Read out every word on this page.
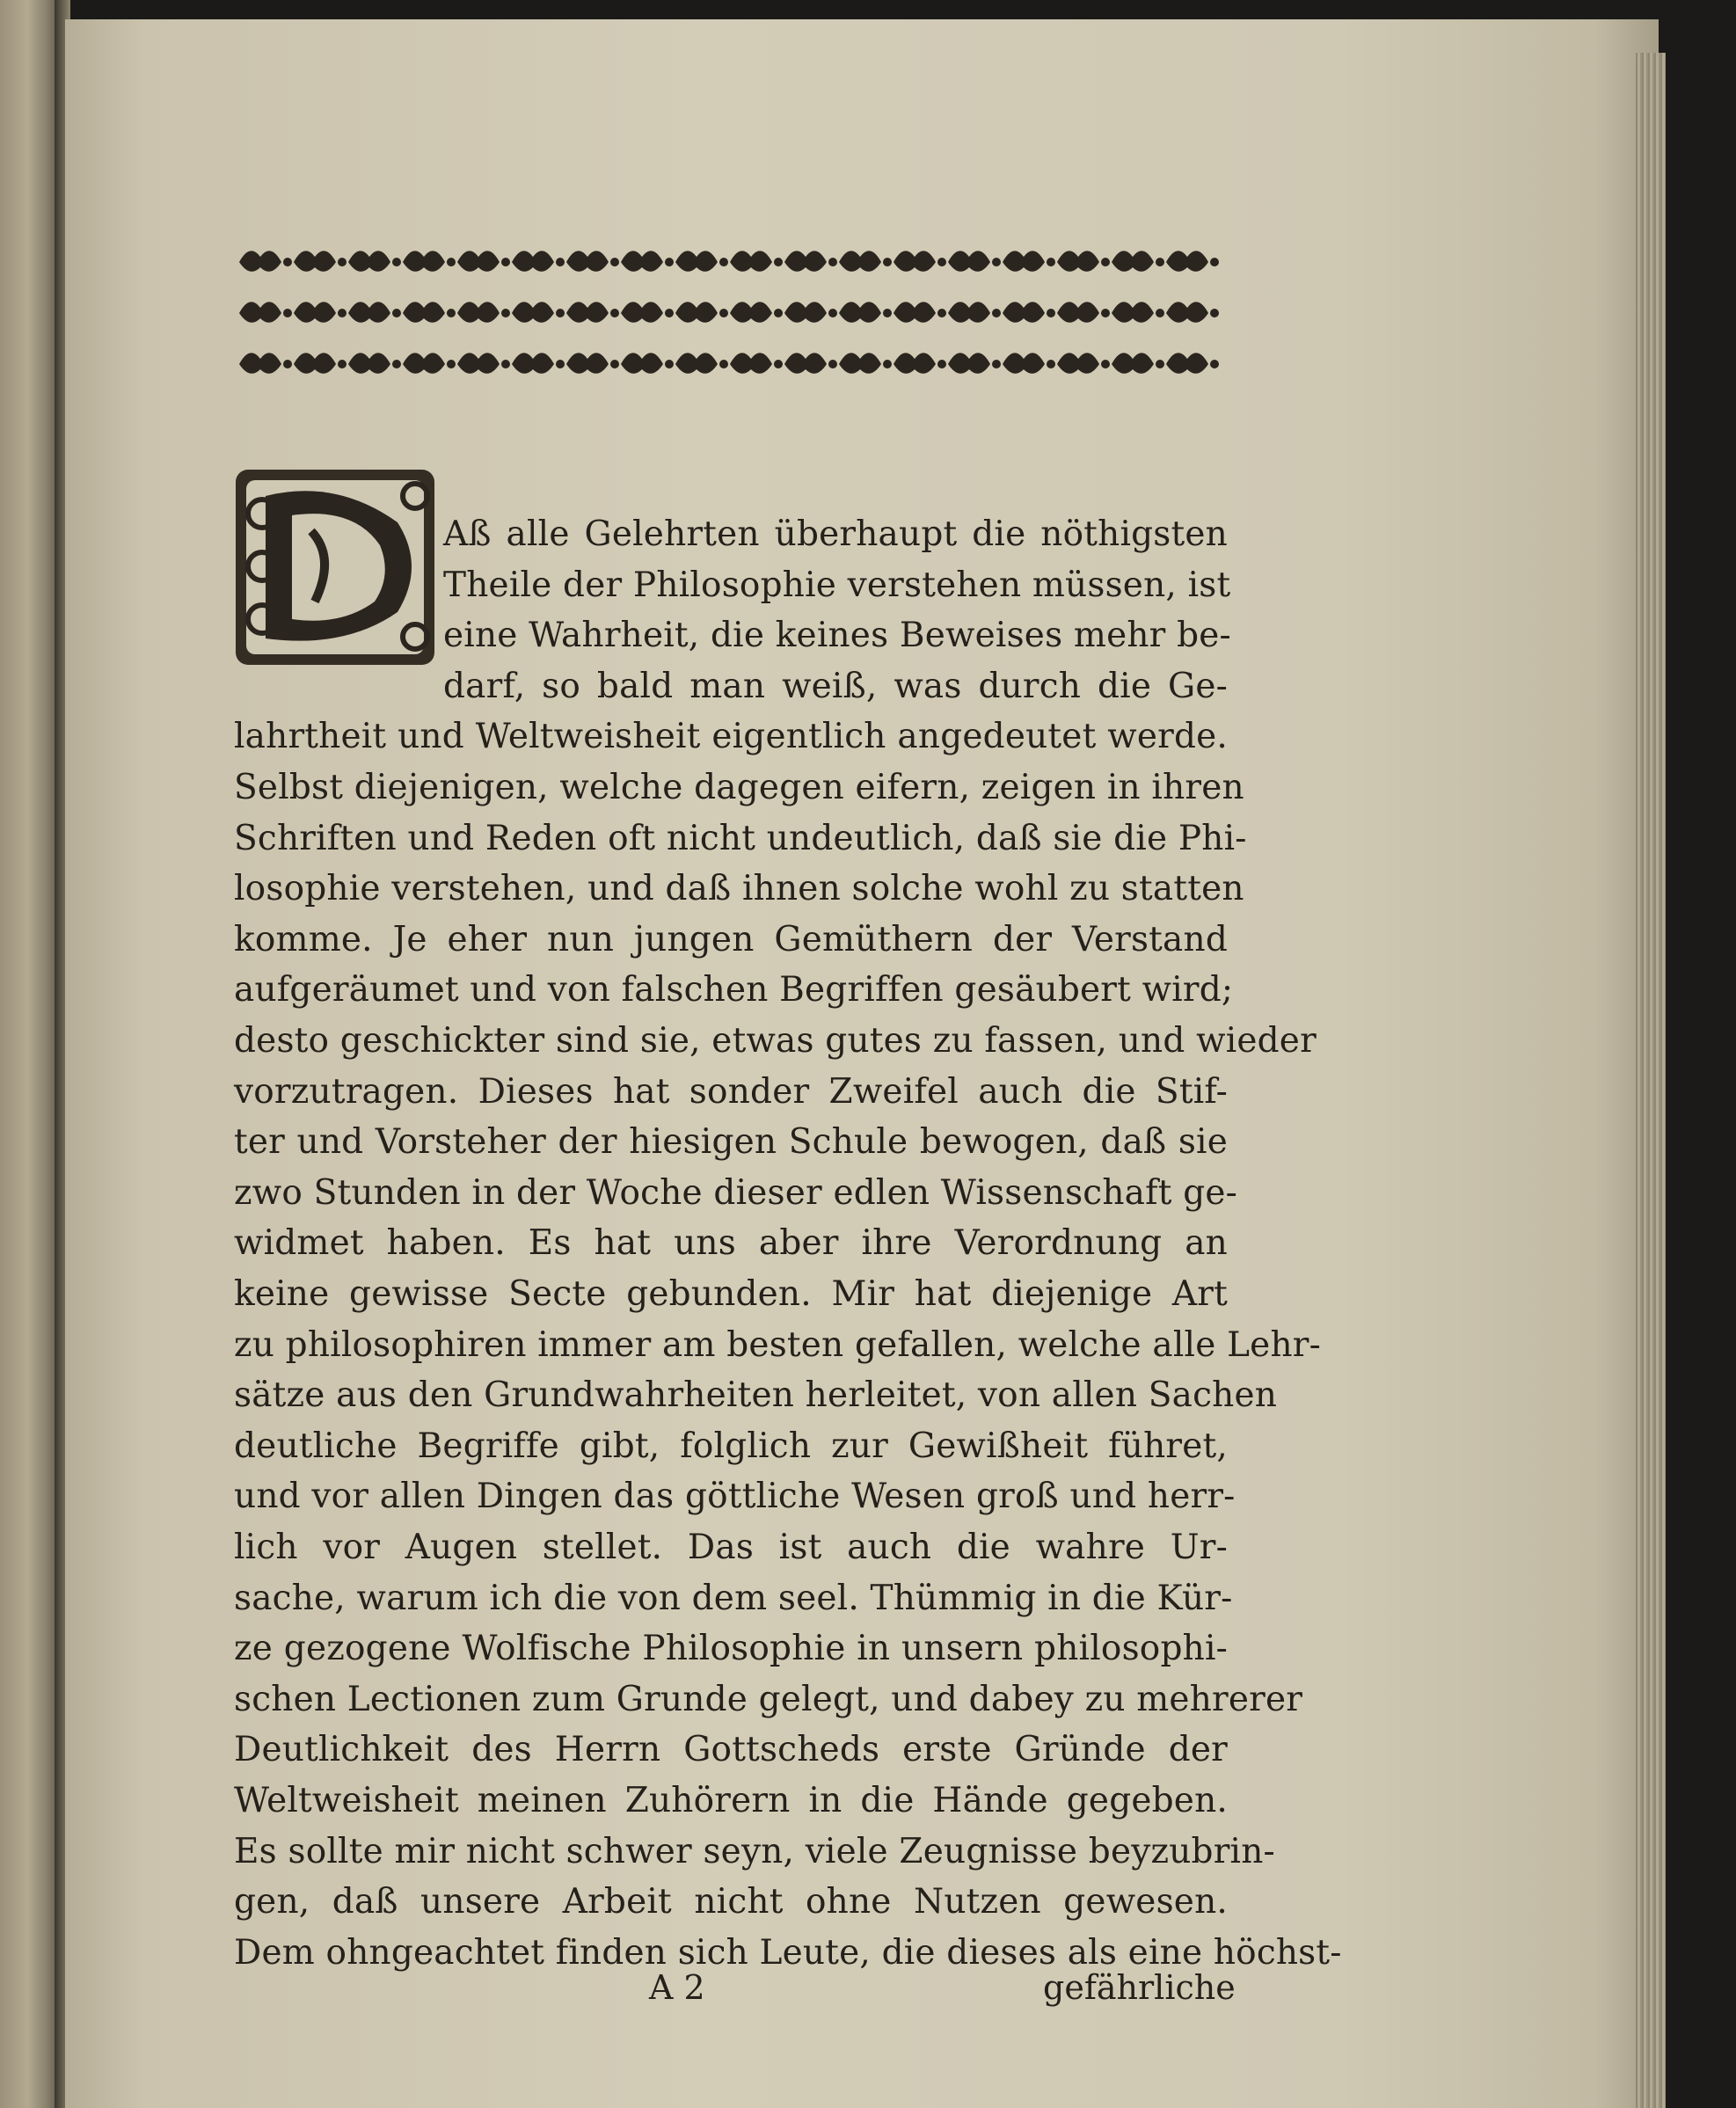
Aß alle Gelehrten überhaupt die nöthigsten
Theile der Philosophie verstehen müssen, ist
eine Wahrheit, die keines Beweises mehr be-
darf, so bald man weiß, was durch die Ge-
lahrtheit und Weltweisheit eigentlich angedeutet werde.
Selbst diejenigen, welche dagegen eifern, zeigen in ihren
Schriften und Reden oft nicht undeutlich, daß sie die Phi-
losophie verstehen, und daß ihnen solche wohl zu statten
komme. Je eher nun jungen Gemüthern der Verstand
aufgeräumet und von falschen Begriffen gesäubert wird;
desto geschickter sind sie, etwas gutes zu fassen, und wieder
vorzutragen. Dieses hat sonder Zweifel auch die Stif-
ter und Vorsteher der hiesigen Schule bewogen, daß sie
zwo Stunden in der Woche dieser edlen Wissenschaft ge-
widmet haben. Es hat uns aber ihre Verordnung an
keine gewisse Secte gebunden. Mir hat diejenige Art
zu philosophiren immer am besten gefallen, welche alle Lehr-
sätze aus den Grundwahrheiten herleitet, von allen Sachen
deutliche Begriffe gibt, folglich zur Gewißheit führet,
und vor allen Dingen das göttliche Wesen groß und herr-
lich vor Augen stellet. Das ist auch die wahre Ur-
sache, warum ich die von dem seel. Thümmig in die Kür-
ze gezogene Wolfische Philosophie in unsern philosophi-
schen Lectionen zum Grunde gelegt, und dabey zu mehrerer
Deutlichkeit des Herrn Gottscheds erste Gründe der
Weltweisheit meinen Zuhörern in die Hände gegeben.
Es sollte mir nicht schwer seyn, viele Zeugnisse beyzubrin-
gen, daß unsere Arbeit nicht ohne Nutzen gewesen.
Dem ohngeachtet finden sich Leute, die dieses als eine höchst-
A 2	gefährliche
